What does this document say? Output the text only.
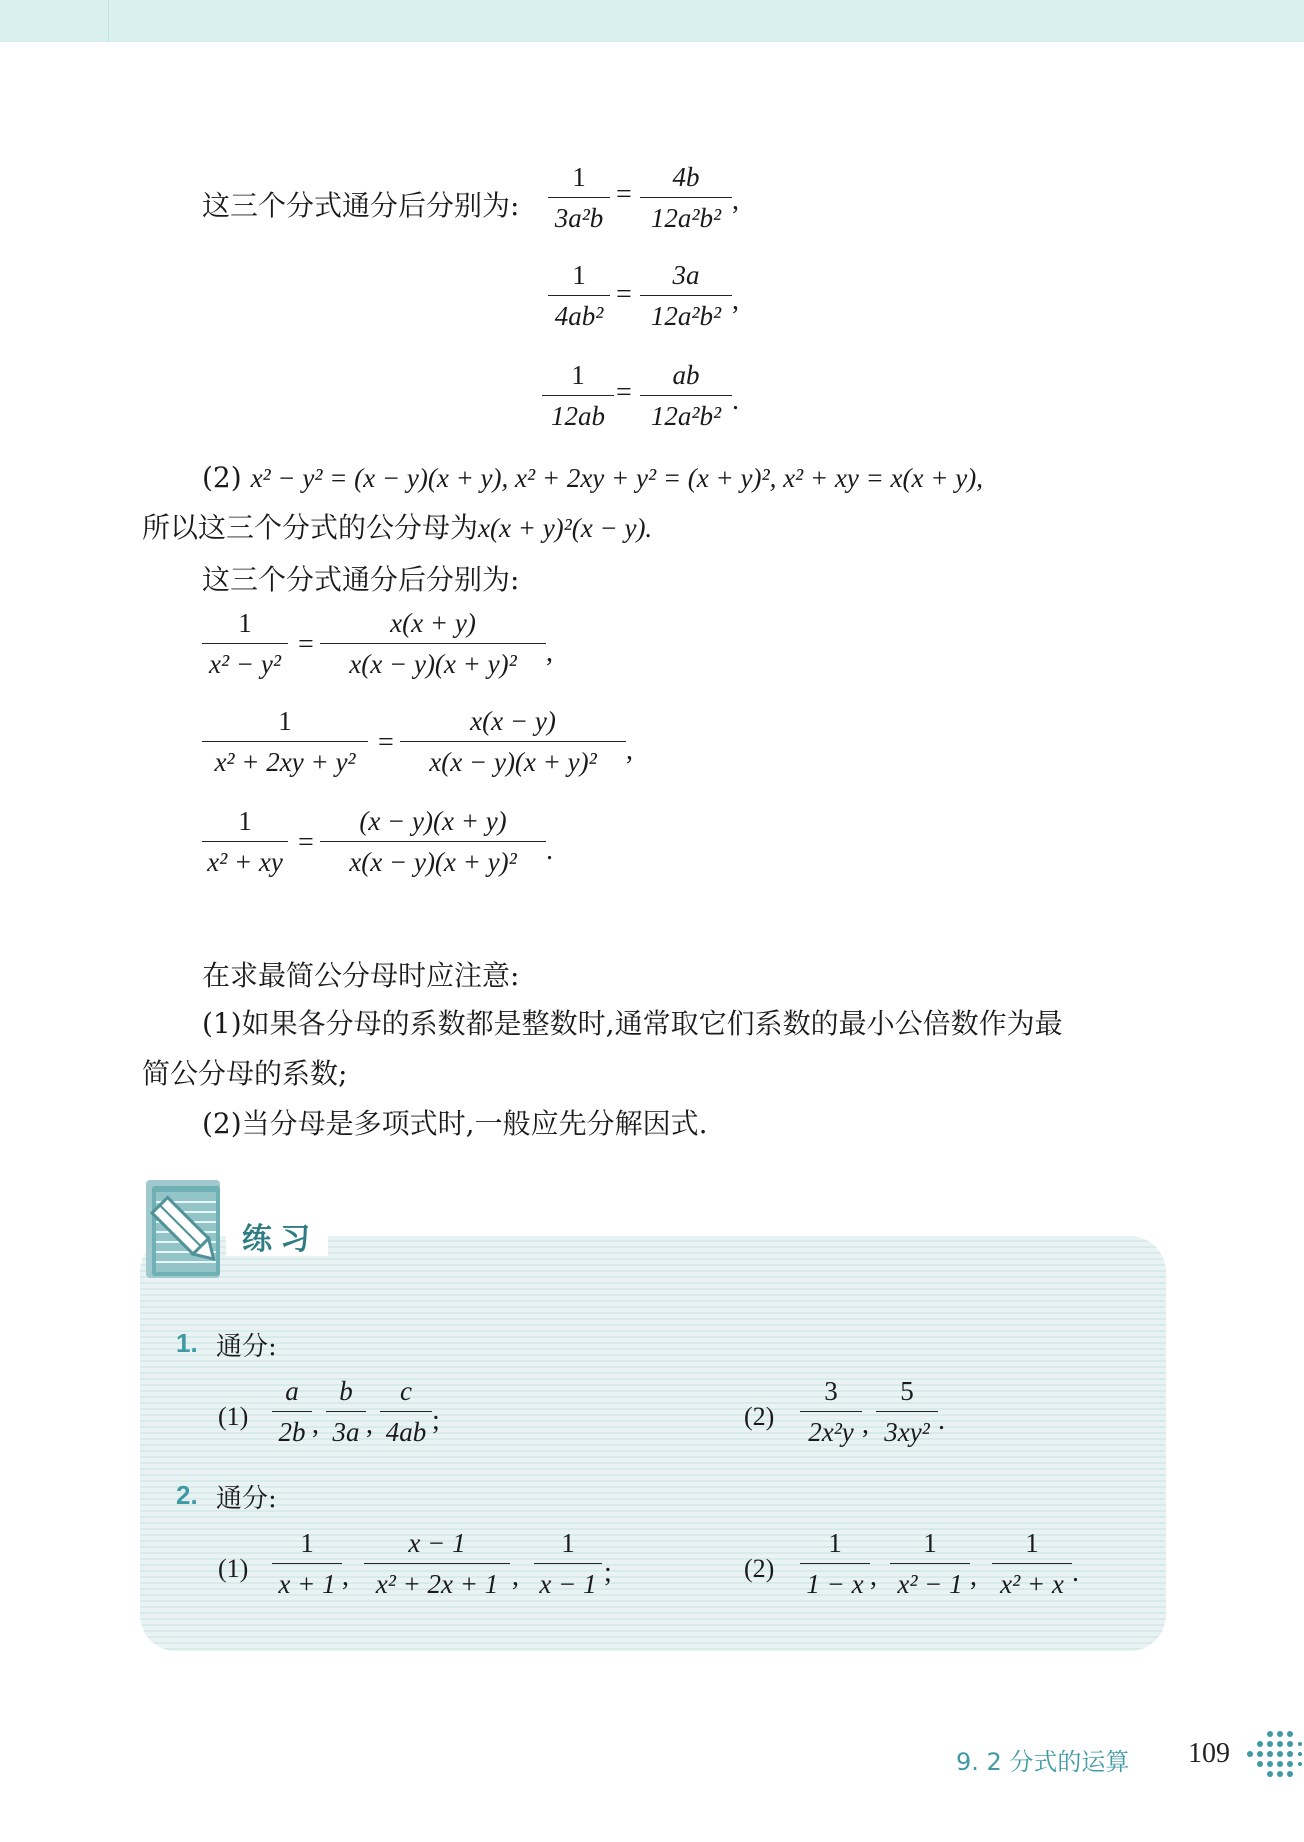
这三个分式通分后分别为: $\frac{1}{\text{3a²b}} = \frac{4b}{\text{12a²b²}}$ ,
$\frac{1}{\text{4ab²}} = \frac{3a}{\text{12a²b²}}$ ,
$\frac{1}{12ab} = \frac{ab}{\text{12a²b²}}$ .
(2) x² − y² = (x − y)(x + y), x² + 2xy + y² = (x + y)², x² + xy = x(x + y),
所以这三个分式的公分母为x(x + y)²(x − y).
这三个分式通分后分别为:
$\frac{1}{\text{x² − y²}} = \frac{x(x + y)}{\text{x(x − y)(x + y)²}}$ ,
$\frac{1}{\text{x² + 2xy + y²}} = \frac{x(x - y)}{\text{x(x − y)(x + y)²}}$ ,
$\frac{1}{\text{x² + xy}} = \frac{(x - y)(x + y)}{\text{x(x − y)(x + y)²}}$ .
在求最简公分母时应注意:
(1)如果各分母的系数都是整数时,通常取它们系数的最小公倍数作为最
简公分母的系数;
(2)当分母是多项式时,一般应先分解因式.
练习
1. 通分:
$(1) \frac{a}{2b}$ , $\frac{b}{3a}$ , $\frac{c}{4ab}$ ;	$(2) \frac{3}{\text{2x²y}}$ , $\frac{5}{\text{3xy²}}$ .
2. 通分:
$(1) \frac{1}{x + 1}$ , $\frac{x - 1}{\text{x² + 2x + 1}}$ , $\frac{1}{x - 1}$ ;	$(2) \frac{1}{1 - x}$ , $\frac{1}{\text{x² − 1}}$ , $\frac{1}{\text{x² + x}}$ .
9. 2 分式的运算 109
